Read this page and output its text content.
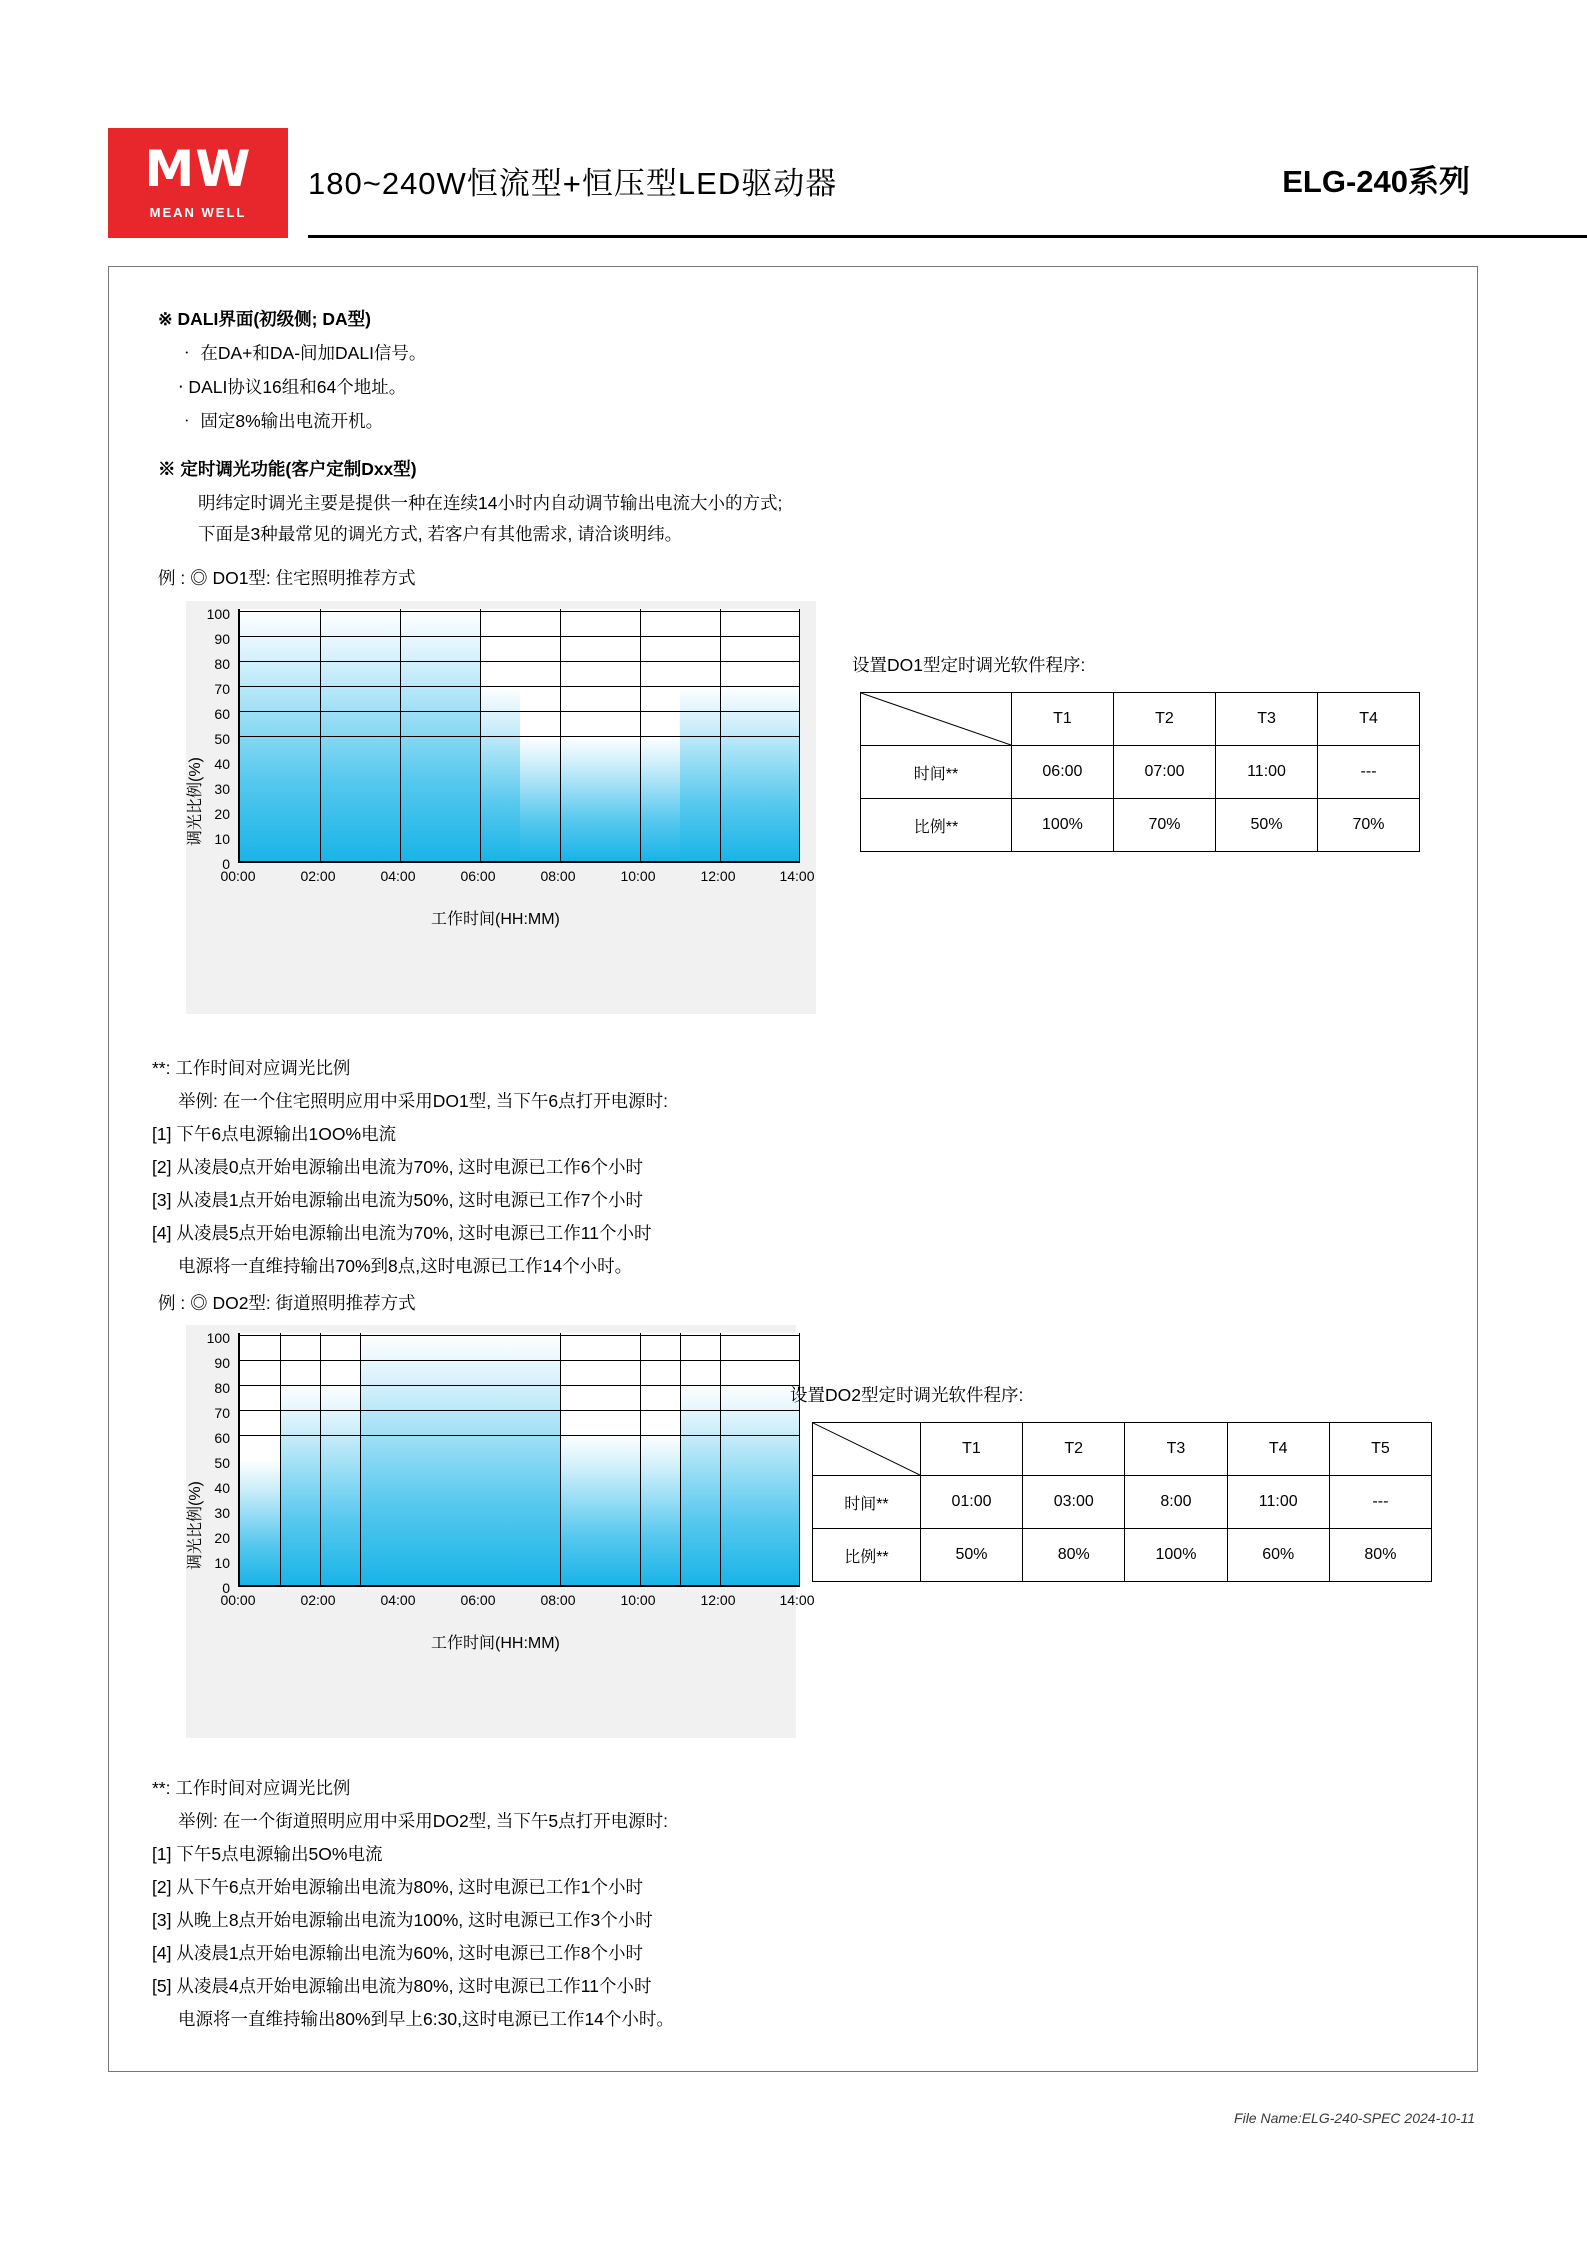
MW
MEAN WELL
180~240W恒流型+恒压型LED驱动器	ELG-240系列
※ DALI界面(初级侧; DA型)
‧ 在DA+和DA-间加DALI信号。
‧ DALI协议16组和64个地址。
‧ 固定8%输出电流开机。
※ 定时调光功能(客户定制Dxx型)
明纬定时调光主要是提供一种在连续14小时内自动调节输出电流大小的方式;
下面是3种最常见的调光方式, 若客户有其他需求, 请洽谈明纬。
例 : ◎ DO1型: 住宅照明推荐方式
100
90
80
70
60
50
40
30
20
10
0
调光比例(%)
00:00	02:00	04:00	06:00	08:00	10:00	12:00	14:00
工作时间(HH:MM)
设置DO1型定时调光软件程序:
	T1	T2	T3	T4
时间**	06:00	07:00	11:00	---
比例**	100%	70%	50%	70%
**: 工作时间对应调光比例
举例: 在一个住宅照明应用中采用DO1型, 当下午6点打开电源时:
[1] 下午6点电源输出1OO%电流
[2] 从凌晨0点开始电源输出电流为70%, 这时电源已工作6个小时
[3] 从凌晨1点开始电源输出电流为50%, 这时电源已工作7个小时
[4] 从凌晨5点开始电源输出电流为70%, 这时电源已工作11个小时
电源将一直维持输出70%到8点,这时电源已工作14个小时。
例 : ◎ DO2型: 街道照明推荐方式
100
90
80
70
60
50
40
30
20
10
0
调光比例(%)
00:00	02:00	04:00	06:00	08:00	10:00	12:00	14:00
工作时间(HH:MM)
设置DO2型定时调光软件程序:
	T1	T2	T3	T4	T5
时间**	01:00	03:00	8:00	11:00	---
比例**	50%	80%	100%	60%	80%
**: 工作时间对应调光比例
举例: 在一个街道照明应用中采用DO2型, 当下午5点打开电源时:
[1] 下午5点电源输出5O%电流
[2] 从下午6点开始电源输出电流为80%, 这时电源已工作1个小时
[3] 从晚上8点开始电源输出电流为100%, 这时电源已工作3个小时
[4] 从凌晨1点开始电源输出电流为60%, 这时电源已工作8个小时
[5] 从凌晨4点开始电源输出电流为80%, 这时电源已工作11个小时
电源将一直维持输出80%到早上6:30,这时电源已工作14个小时。
File Name:ELG-240-SPEC 2024-10-11
